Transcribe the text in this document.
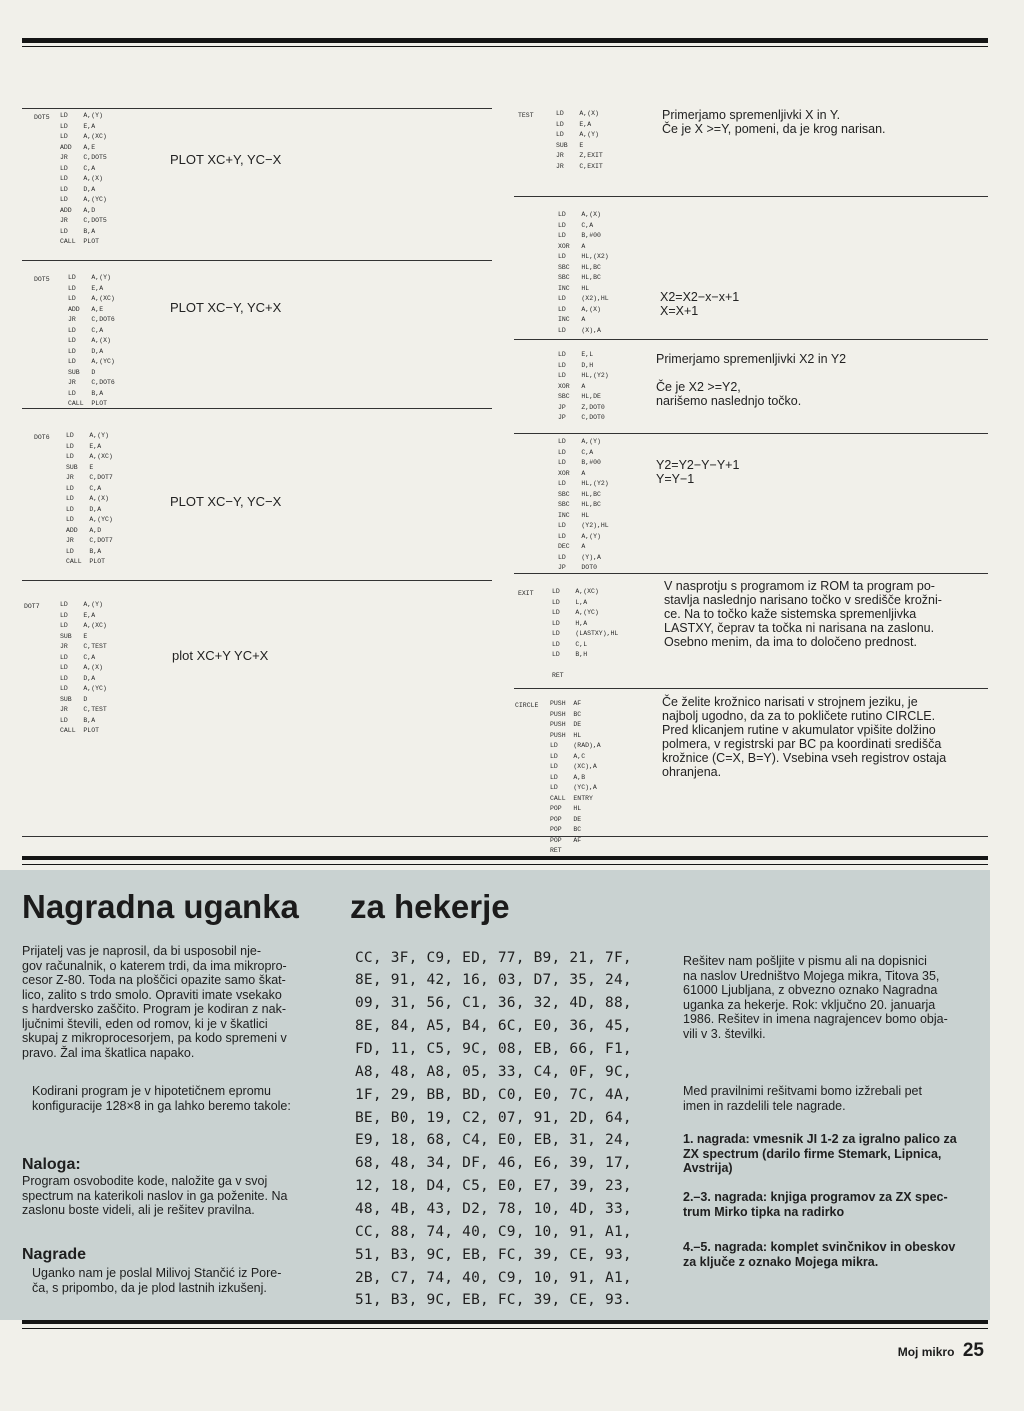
DOT5 LD    A,(Y)
LD    E,A
LD    A,(XC)
ADD   A,E
JR    C,DOT5
LD    C,A
LD    A,(X)
LD    D,A
LD    A,(YC)
ADD   A,D
JR    C,DOT5
LD    B,A
CALL  PLOT
PLOT XC+Y, YC−X
DOT5	LD    A,(Y)
LD    E,A
LD    A,(XC)
ADD   A,E
JR    C,DOT6
LD    C,A
LD    A,(X)
LD    D,A
LD    A,(YC)
SUB   D
JR    C,DOT6
LD    B,A
CALL  PLOT
PLOT XC−Y, YC+X
DOT6	LD    A,(Y)
LD    E,A
LD    A,(XC)
SUB   E
JR    C,DOT7
LD    C,A
LD    A,(X)
LD    D,A
LD    A,(YC)
ADD   A,D
JR    C,DOT7
LD    B,A
CALL  PLOT
PLOT XC−Y, YC−X
DOT7	LD    A,(Y)
LD    E,A
LD    A,(XC)
SUB   E
JR    C,TEST
LD    C,A
LD    A,(X)
LD    D,A
LD    A,(YC)
SUB   D
JR    C,TEST
LD    B,A
CALL  PLOT
plot XC+Y YC+X
TEST	LD    A,(X)
LD    E,A
LD    A,(Y)
SUB   E
JR    Z,EXIT
JR    C,EXIT
Primerjamo spremenljivki X in Y.
Če je X >=Y, pomeni, da je krog narisan.
LD    A,(X)
LD    C,A
LD    B,#00
XOR   A
LD    HL,(X2)
SBC   HL,BC
SBC   HL,BC
INC   HL
LD    (X2),HL
LD    A,(X)
INC   A
LD    (X),A
X2=X2−x−x+1
X=X+1
LD    E,L
LD    D,H
LD    HL,(Y2)
XOR   A
SBC   HL,DE
JP    Z,DOT0
JP    C,DOT0
Primerjamo spremenljivki X2 in Y2

Če je X2 >=Y2,
narišemo naslednjo točko.
LD    A,(Y)
LD    C,A
LD    B,#00
XOR   A
LD    HL,(Y2)
SBC   HL,BC
SBC   HL,BC
INC   HL
LD    (Y2),HL
LD    A,(Y)
DEC   A
LD    (Y),A
JP    DOT0
Y2=Y2−Y−Y+1
Y=Y−1
EXIT	LD    A,(XC)
LD    L,A
LD    A,(YC)
LD    H,A
LD    (LASTXY),HL
LD    C,L
LD    B,H

RET
V nasprotju s programom iz ROM ta program po-
stavlja naslednjo narisano točko v središče krožni-
ce. Na to točko kaže sistemska spremenljivka
LASTXY, čeprav ta točka ni narisana na zaslonu.
Osebno menim, da ima to določeno prednost.
CIRCLE PUSH  AF
PUSH  BC
PUSH  DE
PUSH  HL
LD    (RAD),A
LD    A,C
LD    (XC),A
LD    A,B
LD    (YC),A
CALL  ENTRY
POP   HL
POP   DE
POP   BC
POP   AF
RET
Če želite krožnico narisati v strojnem jeziku, je
najbolj ugodno, da za to pokličete rutino CIRCLE.
Pred klicanjem rutine v akumulator vpišite dolžino
polmera, v registrski par BC pa koordinati središča
krožnice (C=X, B=Y). Vsebina vseh registrov ostaja
ohranjena.
Nagradna uganka za hekerje
Prijatelj vas je naprosil, da bi usposobil nje-
gov računalnik, o katerem trdi, da ima mikropro-
cesor Z-80. Toda na ploščici opazite samo škat-
lico, zalito s trdo smolo. Opraviti imate vsekako
s hardversko zaščito. Program je kodiran z nak-
ljučnimi števili, eden od romov, ki je v škatlici
skupaj z mikroprocesorjem, pa kodo spremeni v
pravo. Žal ima škatlica napako.
Kodirani program je v hipotetičnem epromu
konfiguracije 128×8 in ga lahko beremo takole:
Naloga:
Program osvobodite kode, naložite ga v svoj
spectrum na katerikoli naslov in ga poženite. Na
zaslonu boste videli, ali je rešitev pravilna.
Nagrade
Uganko nam je poslal Milivoj Stančić iz Pore-
ča, s pripombo, da je plod lastnih izkušenj.
CC, 3F, C9, ED, 77, B9, 21, 7F,
8E, 91, 42, 16, 03, D7, 35, 24,
09, 31, 56, C1, 36, 32, 4D, 88,
8E, 84, A5, B4, 6C, E0, 36, 45,
FD, 11, C5, 9C, 08, EB, 66, F1,
A8, 48, A8, 05, 33, C4, 0F, 9C,
1F, 29, BB, BD, C0, E0, 7C, 4A,
BE, B0, 19, C2, 07, 91, 2D, 64,
E9, 18, 68, C4, E0, EB, 31, 24,
68, 48, 34, DF, 46, E6, 39, 17,
12, 18, D4, C5, E0, E7, 39, 23,
48, 4B, 43, D2, 78, 10, 4D, 33,
CC, 88, 74, 40, C9, 10, 91, A1,
51, B3, 9C, EB, FC, 39, CE, 93,
2B, C7, 74, 40, C9, 10, 91, A1,
51, B3, 9C, EB, FC, 39, CE, 93.
Rešitev nam pošljite v pismu ali na dopisnici
na naslov Uredništvo Mojega mikra, Titova 35,
61000 Ljubljana, z obvezno oznako Nagradna
uganka za hekerje. Rok: vključno 20. januarja
1986. Rešitev in imena nagrajencev bomo obja-
vili v 3. številki.
Med pravilnimi rešitvami bomo izžrebali pet
imen in razdelili tele nagrade.
1. nagrada: vmesnik JI 1-2 za igralno palico za
ZX spectrum (darilo firme Stemark, Lipnica,
Avstrija)
2.–3. nagrada: knjiga programov za ZX spec-
trum Mirko tipka na radirko
4.–5. nagrada: komplet svinčnikov in obeskov
za ključe z oznako Mojega mikra.
Moj mikro 25
